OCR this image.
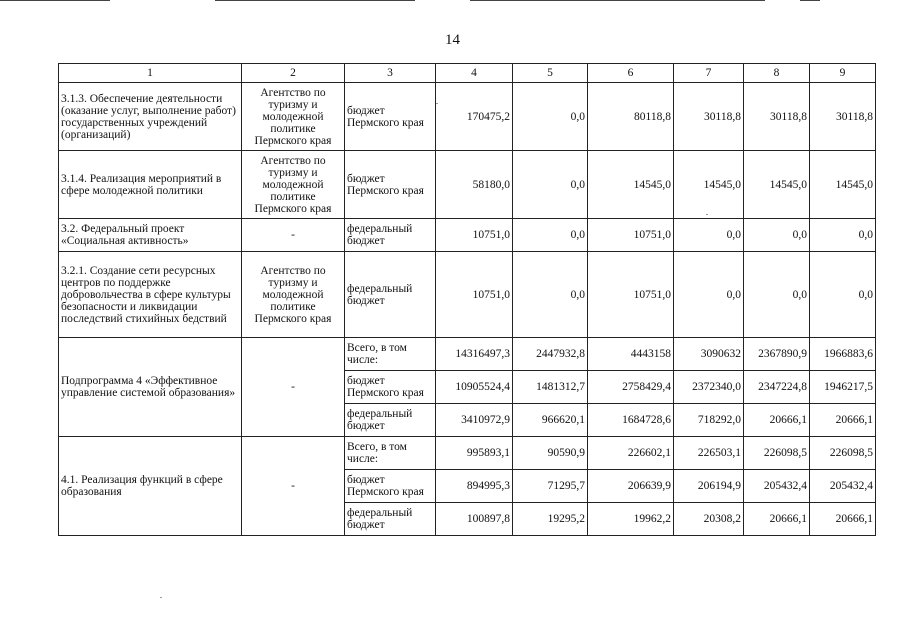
14
1	2	3	4	5	6	7	8	9
3.1.3. Обеспечение деятельности (оказание услуг, выполнение работ) государственных учреждений (организаций)	Агентство по туризму и молодежной политике Пермского края	бюджет Пермского края	170475,2	0,0	80118,8	30118,8	30118,8	30118,8
3.1.4. Реализация мероприятий в сфере молодежной политики	Агентство по туризму и молодежной политике Пермского края	бюджет Пермского края	58180,0	0,0	14545,0	14545,0	14545,0	14545,0
3.2. Федеральный проект «Социальная активность»	-	федеральный бюджет	10751,0	0,0	10751,0	0,0	0,0	0,0
3.2.1. Создание сети ресурсных центров по поддержке добровольчества в сфере культуры безопасности и ликвидации последствий стихийных бедствий	Агентство по туризму и молодежной политике Пермского края	федеральный бюджет	10751,0	0,0	10751,0	0,0	0,0	0,0
Подпрограмма 4 «Эффективное управление системой образования»	-	Всего, в том числе:	14316497,3	2447932,8	4443158	3090632	2367890,9	1966883,6
		бюджет Пермского края	10905524,4	1481312,7	2758429,4	2372340,0	2347224,8	1946217,5
		федеральный бюджет	3410972,9	966620,1	1684728,6	718292,0	20666,1	20666,1
4.1. Реализация функций в сфере образования	-	Всего, в том числе:	995893,1	90590,9	226602,1	226503,1	226098,5	226098,5
		бюджет Пермского края	894995,3	71295,7	206639,9	206194,9	205432,4	205432,4
		федеральный бюджет	100897,8	19295,2	19962,2	20308,2	20666,1	20666,1
